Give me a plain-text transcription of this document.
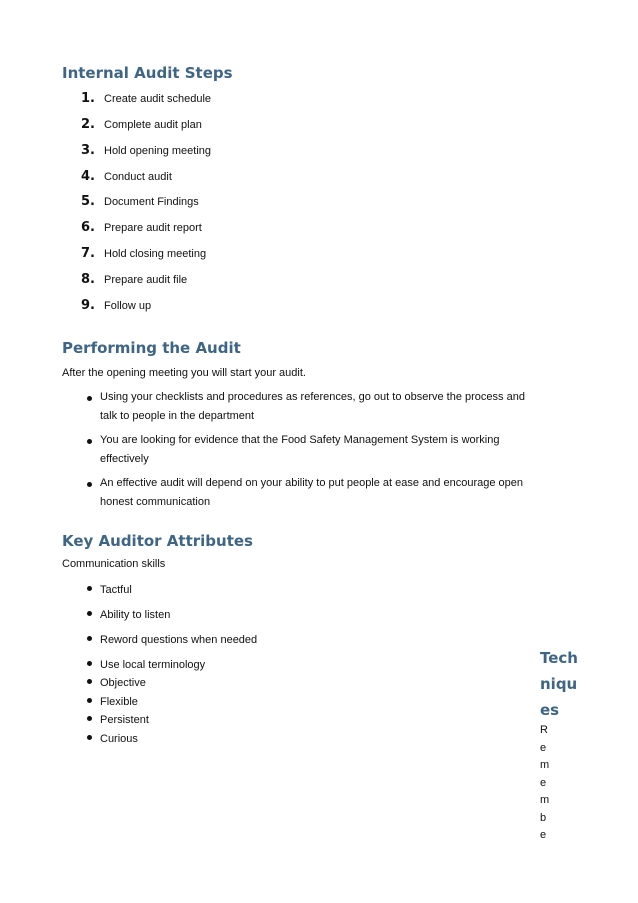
Internal Audit Steps
1. Create audit schedule
2. Complete audit plan
3. Hold opening meeting
4. Conduct audit
5. Document Findings
6. Prepare audit report
7. Hold closing meeting
8. Prepare audit file
9. Follow up
Performing the Audit

After the opening meeting you will start your audit.

Using your checklists and procedures as references, go out to observe the process and talk to people in the department
You are looking for evidence that the Food Safety Management System is working effectively
An effective audit will depend on your ability to put people at ease and encourage open honest communication
Key Auditor Attributes

Communication skills

Tactful
Ability to listen
Reword questions when needed
Use local terminology
Objective
Flexible
Persistent
Curious
Techniques

Remembe
